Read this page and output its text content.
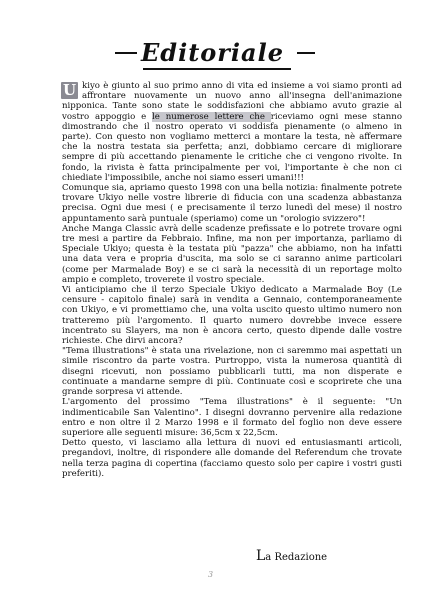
Editoriale

U kiyo è giunto al suo primo anno di vita ed insieme a voi siamo pronti ad affrontare nuovamente un nuovo anno all'insegna dell'animazione nipponica. Tante sono state le soddisfazioni che abbiamo avuto grazie al vostro appoggio e le numerose lettere che riceviamo ogni mese stanno dimostrando che il nostro operato vi soddisfa pienamente (o almeno in parte). Con questo non vogliamo metterci a montare la testa, nè affermare che la nostra testata sia perfetta; anzi, dobbiamo cercare di migliorare sempre di più accettando pienamente le critiche che ci vengono rivolte. In fondo, la rivista è fatta principalmente per voi, l'importante è che non ci chiediate l'impossibile, anche noi siamo esseri umani!!!

Comunque sia, apriamo questo 1998 con una bella notizia: finalmente potrete trovare Ukiyo nelle vostre librerie di fiducia con una scadenza abbastanza precisa. Ogni due mesi ( e precisamente il terzo lunedì del mese) il nostro appuntamento sarà puntuale (speriamo) come un "orologio svizzero"!

Anche Manga Classic avrà delle scadenze prefissate e lo potrete trovare ogni tre mesi a partire da Febbraio. Infine, ma non per importanza, parliamo di Speciale Ukiyo; questa è la testata più "pazza" che abbiamo, non ha infatti una data vera e propria d'uscita, ma solo se ci saranno anime particolari (come per Marmalade Boy) e se ci sarà la necessità di un reportage molto ampio e completo, troverete il vostro speciale.

Vi anticipiamo che il terzo Speciale Ukiyo dedicato a Marmalade Boy (Le censure - capitolo finale) sarà in vendita a Gennaio, contemporaneamente con Ukiyo, e vi promettiamo che, una volta uscito questo ultimo numero non tratteremo più l'argomento. Il quarto numero dovrebbe invece essere incentrato su Slayers, ma non è ancora certo, questo dipende dalle vostre richieste. Che dirvi ancora?

"Tema illustrations" è stata una rivelazione, non ci saremmo mai aspettati un simile riscontro da parte vostra. Purtroppo, vista la numerosa quantità di disegni ricevuti, non possiamo pubblicarli tutti, ma non disperate e continuate a mandarne sempre di più. Continuate così e scoprirete che una grande sorpresa vi attende.

L'argomento del prossimo "Tema illustrations" è il seguente: "Un indimenticabile San Valentino". I disegni dovranno pervenire alla redazione entro e non oltre il 2 Marzo 1998 e il formato del foglio non deve essere superiore alle seguenti misure: 36,5cm x 22,5cm.

Detto questo, vi lasciamo alla lettura di nuovi ed entusiasmanti articoli, pregandovi, inoltre, di rispondere alle domande del Referendum che trovate nella terza pagina di copertina (facciamo questo solo per capire i vostri gusti preferiti).

La Redazione
3
